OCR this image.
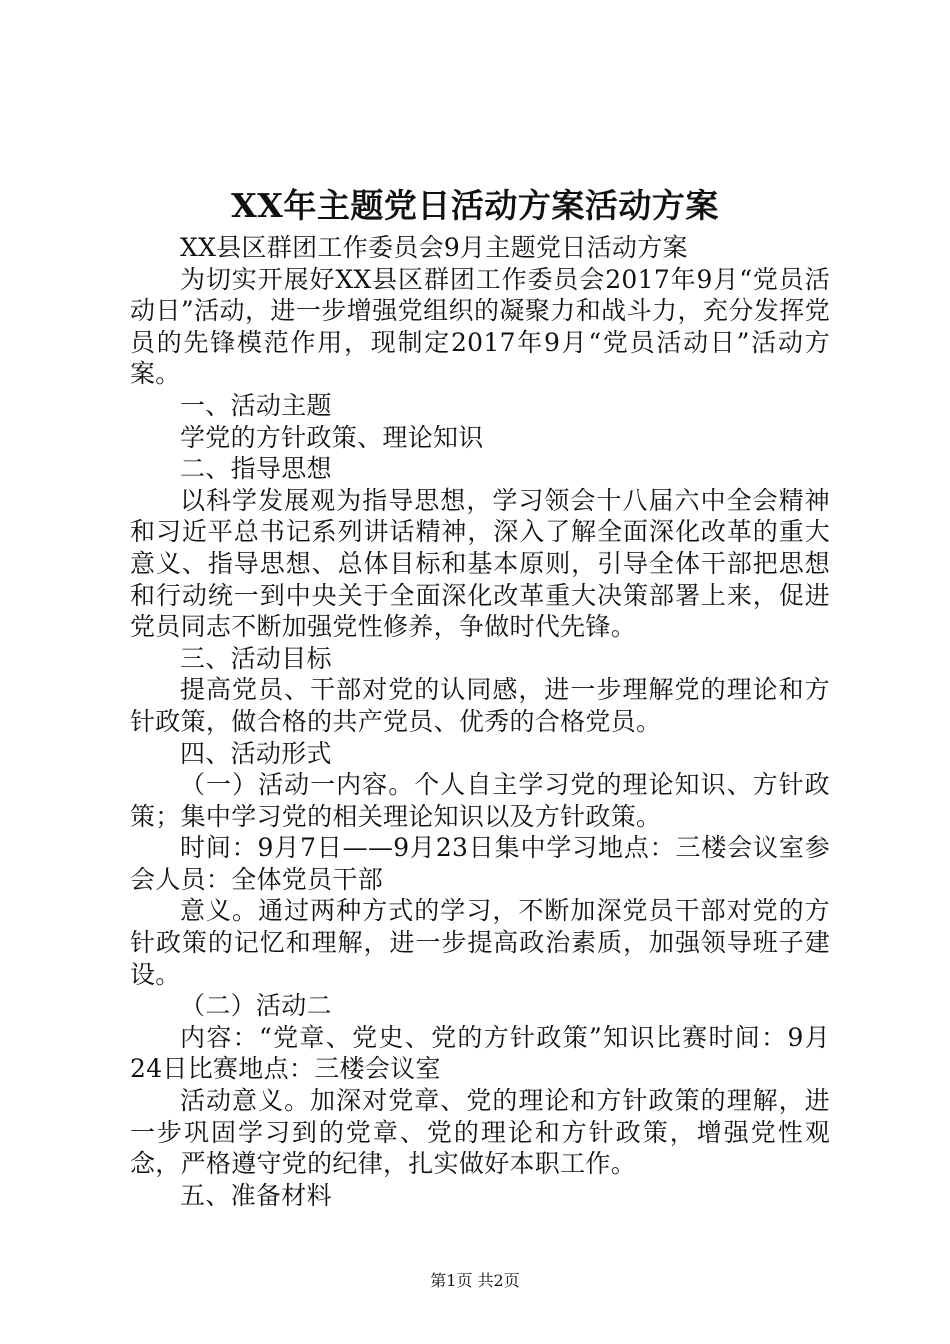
XX年主题党日活动方案活动方案

XX县区群团工作委员会9月主题党日活动方案

为切实开展好XX县区群团工作委员会2017年9月“党员活动日”活动，进一步增强党组织的凝聚力和战斗力，充分发挥党员的先锋模范作用，现制定2017年9月“党员活动日”活动方案。

一、活动主题

学党的方针政策、理论知识

二、指导思想

以科学发展观为指导思想，学习领会十八届六中全会精神和习近平总书记系列讲话精神，深入了解全面深化改革的重大意义、指导思想、总体目标和基本原则，引导全体干部把思想和行动统一到中央关于全面深化改革重大决策部署上来，促进党员同志不断加强党性修养，争做时代先锋。

三、活动目标

提高党员、干部对党的认同感，进一步理解党的理论和方针政策，做合格的共产党员、优秀的合格党员。

四、活动形式

（一）活动一内容。个人自主学习党的理论知识、方针政策；集中学习党的相关理论知识以及方针政策。

时间：9月7日——9月23日集中学习地点：三楼会议室参会人员：全体党员干部

意义。通过两种方式的学习，不断加深党员干部对党的方针政策的记忆和理解，进一步提高政治素质，加强领导班子建设。

（二）活动二

内容：“党章、党史、党的方针政策”知识比赛时间：9月24日比赛地点：三楼会议室

活动意义。加深对党章、党的理论和方针政策的理解，进一步巩固学习到的党章、党的理论和方针政策，增强党性观念，严格遵守党的纪律，扎实做好本职工作。

五、准备材料

第1页 共2页
